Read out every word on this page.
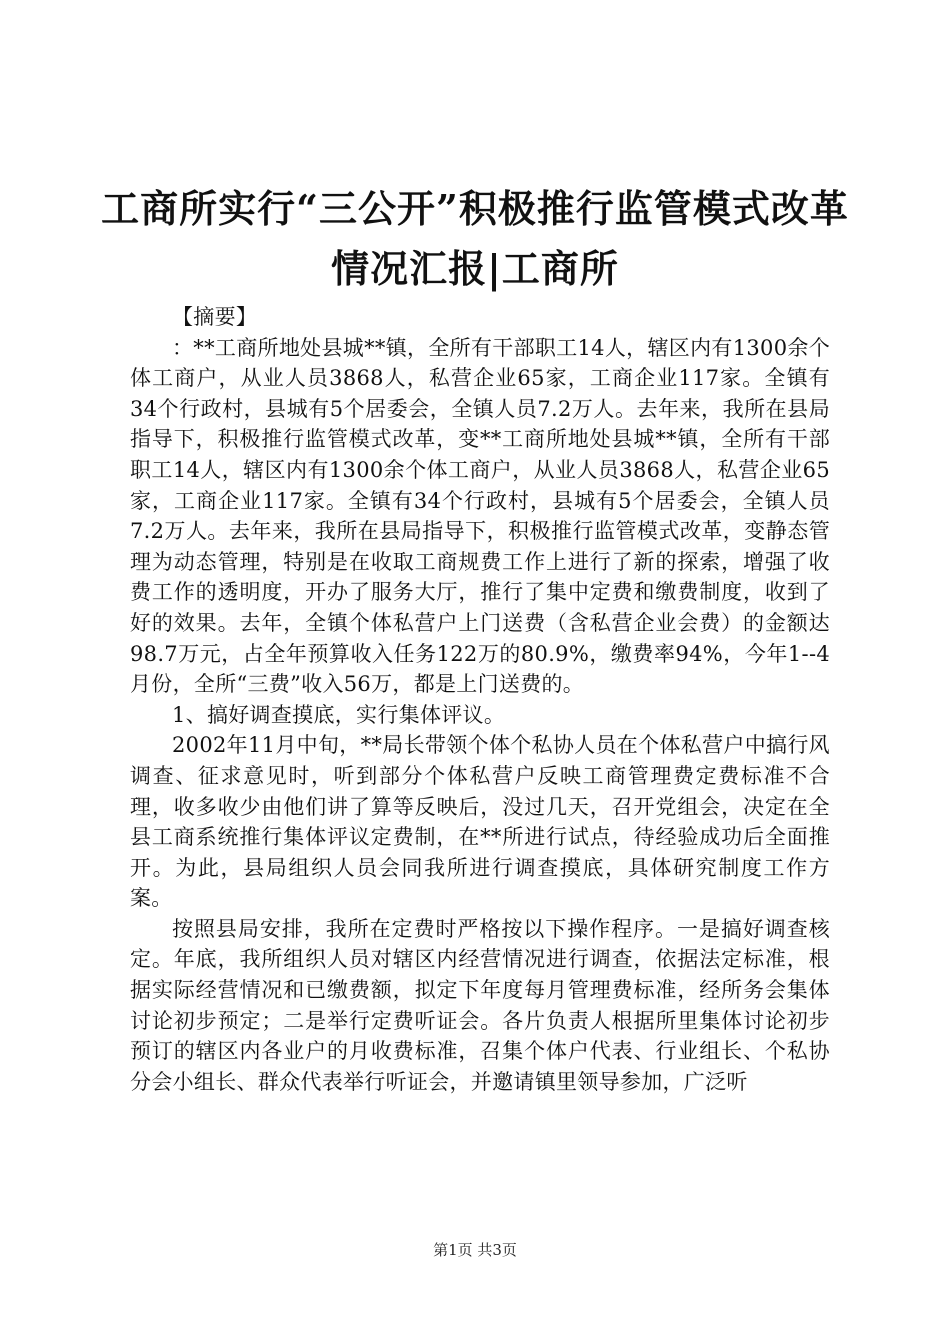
工商所实行“三公开”积极推行监管模式改革
情况汇报|工商所

【摘要】

：**工商所地处县城**镇，全所有干部职工14人，辖区内有1300余个体工商户，从业人员3868人，私营企业65家，工商企业117家。全镇有34个行政村，县城有5个居委会，全镇人员7.2万人。去年来，我所在县局指导下，积极推行监管模式改革，变**工商所地处县城**镇，全所有干部职工14人，辖区内有1300余个体工商户，从业人员3868人，私营企业65家，工商企业117家。全镇有34个行政村，县城有5个居委会，全镇人员7.2万人。去年来，我所在县局指导下，积极推行监管模式改革，变静态管理为动态管理，特别是在收取工商规费工作上进行了新的探索，增强了收费工作的透明度，开办了服务大厅，推行了集中定费和缴费制度，收到了好的效果。去年，全镇个体私营户上门送费（含私营企业会费）的金额达98.7万元，占全年预算收入任务122万的80.9%，缴费率94%，今年1--4月份，全所“三费”收入56万，都是上门送费的。

1、搞好调查摸底，实行集体评议。

2002年11月中旬，**局长带领个体个私协人员在个体私营户中搞行风调查、征求意见时，听到部分个体私营户反映工商管理费定费标准不合理，收多收少由他们讲了算等反映后，没过几天，召开党组会，决定在全县工商系统推行集体评议定费制，在**所进行试点，待经验成功后全面推开。为此，县局组织人员会同我所进行调查摸底，具体研究制度工作方案。

按照县局安排，我所在定费时严格按以下操作程序。一是搞好调查核定。年底，我所组织人员对辖区内经营情况进行调查，依据法定标准，根据实际经营情况和已缴费额，拟定下年度每月管理费标准，经所务会集体讨论初步预定；二是举行定费听证会。各片负责人根据所里集体讨论初步预订的辖区内各业户的月收费标准，召集个体户代表、行业组长、个私协分会小组长、群众代表举行听证会，并邀请镇里领导参加，广泛听

第1页 共3页
